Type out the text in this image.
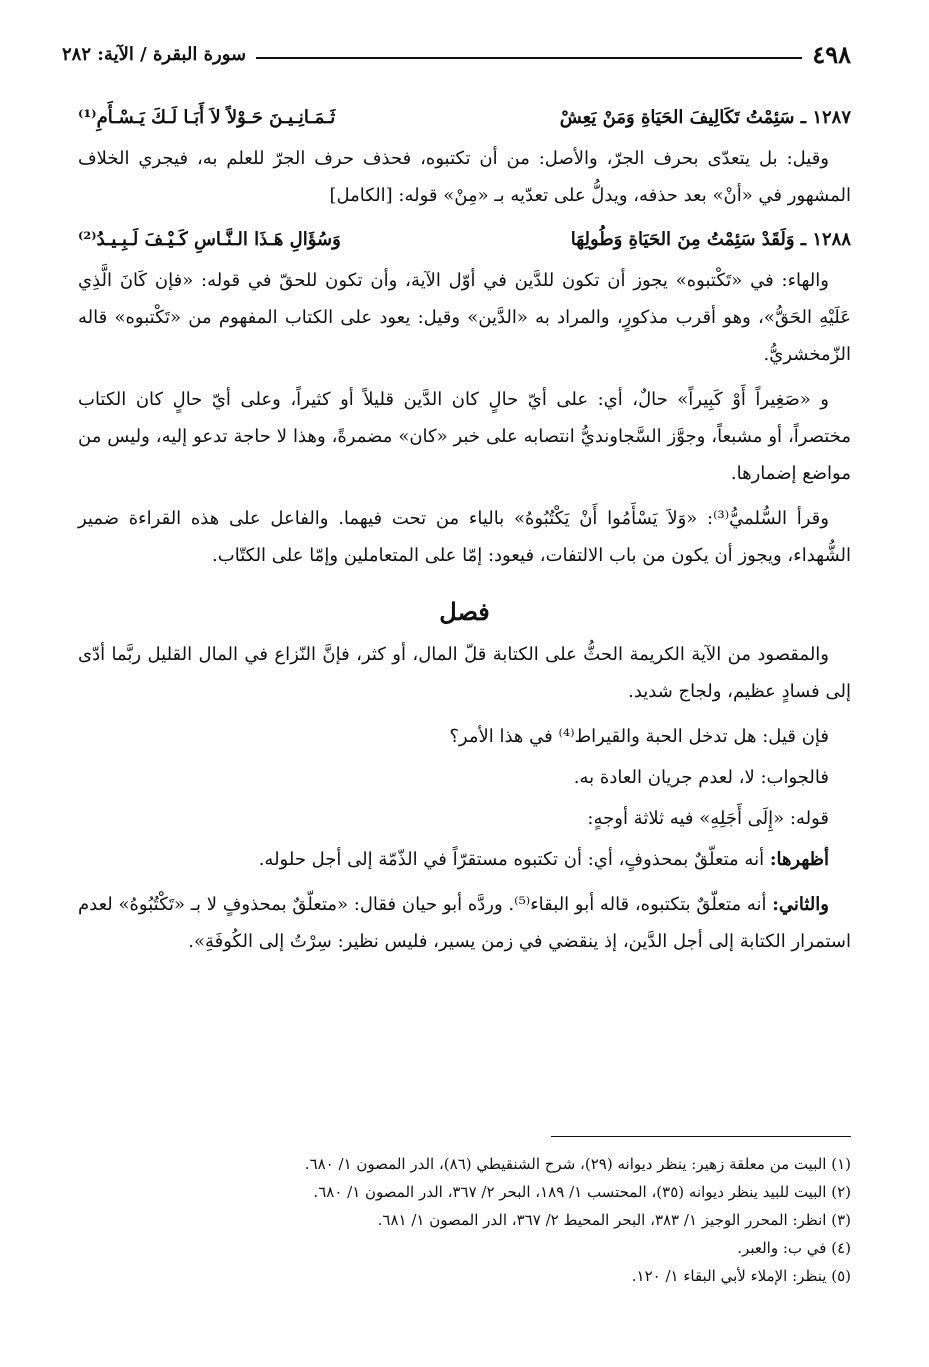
٤٩٨
سورة البقرة / الآية: ٢٨٢
١٢٨٧ ـ سَئِمْتُ تَكَالِيفَ الحَيَاةِ وَمَنْ يَعِشْ
ثَـمَـانِـيـنَ حَـوْلاً لاَ أَبَـا لَـكَ يَـسْـأَمِ⁽¹⁾

وقيل: بل يتعدّى بحرف الجرّ، والأصل: من أن تكتبوه، فحذف حرف الجرّ للعلم به، فيجري الخلاف المشهور في «أنْ» بعد حذفه، ويدلُّ على تعدّيه بـ «مِنْ» قوله: [الكامل]

١٢٨٨ ـ وَلَقَدْ سَئِمْتُ مِنَ الحَيَاةِ وَطُولِهَا
وَسُؤَالِ هَـذَا الـنَّـاسِ كَـيْـفَ لَـبِـيـدُ⁽²⁾

والهاء: في «تَكْتبوه» يجوز أن تكون للدَّين في أوّل الآية، وأن تكون للحقّ في قوله: «فإن كَانَ الَّذِي عَلَيْهِ الحَقُّ»، وهو أقرب مذكورٍ، والمراد به «الدَّين» وقيل: يعود على الكتاب المفهوم من «تَكْتبوه» قاله الزّمخشريُّ.

و «صَغِيراً أَوْ كَبِيراً» حالٌ، أي: على أيّ حالٍ كان الدَّين قليلاً أو كثيراً، وعلى أيّ حالٍ كان الكتاب مختصراً، أو مشبعاً، وجوَّز السَّجاونديُّ انتصابه على خبر «كان» مضمرةً، وهذا لا حاجة تدعو إليه، وليس من مواضع إضمارها.

وقرأ السُّلميُّ⁽³⁾: «وَلاَ يَسْأَمُوا أَنْ يَكْتُبُوهُ» بالياء من تحت فيهما. والفاعل على هذه القراءة ضمير الشُّهداء، ويجوز أن يكون من باب الالتفات، فيعود: إمّا على المتعاملين وإمّا على الكتّاب.

فصل

والمقصود من الآية الكريمة الحثُّ على الكتابة قلّ المال، أو كثر، فإنَّ النّزاع في المال القليل ربَّما أدّى إلى فسادٍ عظيم، ولجاج شديد.

فإن قيل: هل تدخل الحبة والقيراط⁽⁴⁾ في هذا الأمر؟

فالجواب: لا، لعدم جريان العادة به.

قوله: «إِلَى أَجَلِهِ» فيه ثلاثة أوجهٍ:

أظهرها: أنه متعلّقٌ بمحذوفٍ، أي: أن تكتبوه مستقرّاً في الذّمّة إلى أجل حلوله.

والثاني: أنه متعلّقٌ بتكتبوه، قاله أبو البقاء⁽⁵⁾. وردَّه أبو حيان فقال: «متعلّقٌ بمحذوفٍ لا بـ «تَكْتُبُوهُ» لعدم استمرار الكتابة إلى أجل الدَّين، إذ ينقضي في زمن يسير، فليس نظير: سِرْتُ إلى الكُوفَةِ».

(١) البيت من معلقة زهير: ينظر ديوانه (٢٩)، شرح الشنقيطي (٨٦)، الدر المصون ١/ ٦٨٠.

(٢) البيت للبيد ينظر ديوانه (٣٥)، المحتسب ١/ ١٨٩، البحر ٢/ ٣٦٧، الدر المصون ١/ ٦٨٠.

(٣) انظر: المحرر الوجيز ١/ ٣٨٣، البحر المحيط ٢/ ٣٦٧، الدر المصون ١/ ٦٨١.

(٤) في ب: والعبر.

(٥) ينظر: الإملاء لأبي البقاء ١/ ١٢٠.
